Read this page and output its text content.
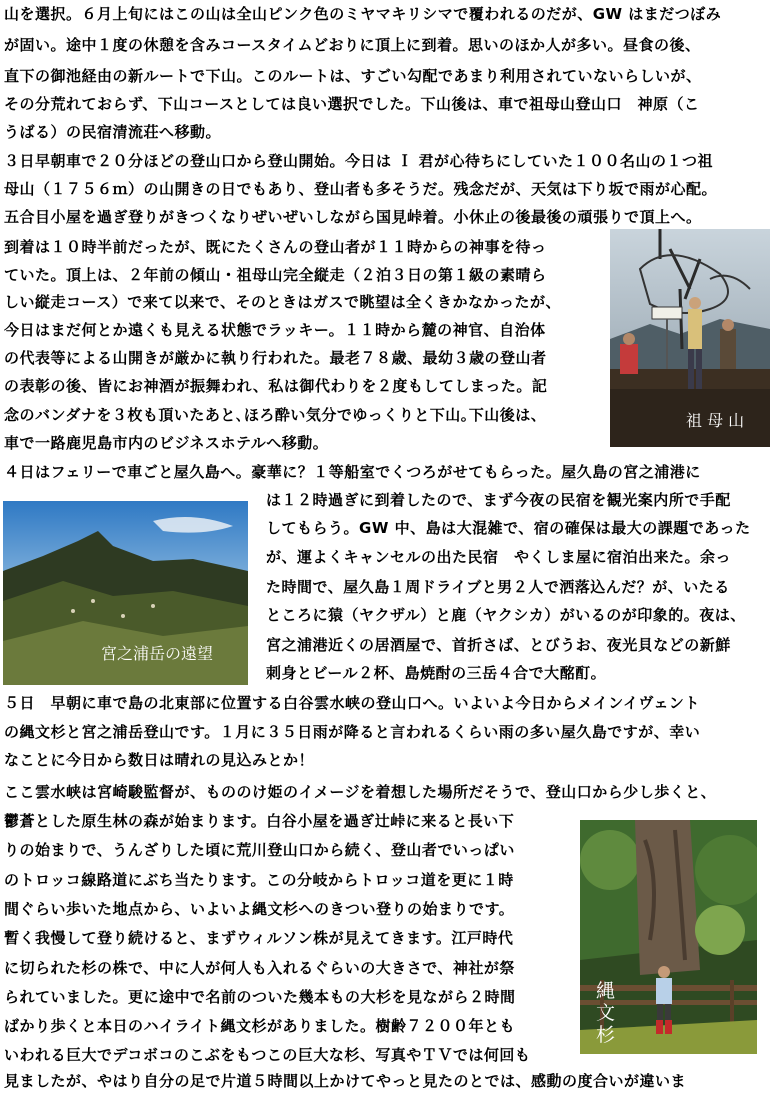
山を選択。６月上旬にはこの山は全山ピンク色のミヤマキリシマで覆われるのだが、GW はまだつぼみ
が固い。途中１度の休憩を含みコースタイムどおりに頂上に到着。思いのほか人が多い。昼食の後、
直下の御池経由の新ルートで下山。このルートは、すごい勾配であまり利用されていないらしいが、
その分荒れておらず、下山コースとしては良い選択でした。下山後は、車で祖母山登山口　神原（こ
うばる）の民宿清流荘へ移動。
３日早朝車で２０分ほどの登山口から登山開始。今日は Ｉ 君が心待ちにしていた１００名山の１つ祖
母山（１７５６ｍ）の山開きの日でもあり、登山者も多そうだ。残念だが、天気は下り坂で雨が心配。
五合目小屋を過ぎ登りがきつくなりぜいぜいしながら国見峠着。小休止の後最後の頑張りで頂上へ。
到着は１０時半前だったが、既にたくさんの登山者が１１時からの神事を待っ
ていた。頂上は、２年前の傾山・祖母山完全縦走（２泊３日の第１級の素晴ら
しい縦走コース）で来て以来で、そのときはガスで眺望は全くきかなかったが、
今日はまだ何とか遠くも見える状態でラッキー。１１時から麓の神官、自治体
の代表等による山開きが厳かに執り行われた。最老７８歳、最幼３歳の登山者
の表彰の後、皆にお神酒が振舞われ、私は御代わりを２度もしてしまった。記
念のバンダナを３枚も頂いたあと､ほろ酔い気分でゆっくりと下山｡下山後は、
車で一路鹿児島市内のビジネスホテルへ移動。
４日はフェリーで車ごと屋久島へ。豪華に？１等船室でくつろがせてもらった。屋久島の宮之浦港に
は１２時過ぎに到着したので、まず今夜の民宿を観光案内所で手配
してもらう。GW 中、島は大混雑で、宿の確保は最大の課題であった
が、運よくキャンセルの出た民宿　やくしま屋に宿泊出来た。余っ
た時間で、屋久島１周ドライブと男２人で洒落込んだ？が、いたる
ところに猿（ヤクザル）と鹿（ヤクシカ）がいるのが印象的。夜は、
宮之浦港近くの居酒屋で、首折さば、とびうお、夜光貝などの新鮮
刺身とビール２杯、島焼酎の三岳４合で大酩酊。
５日　早朝に車で島の北東部に位置する白谷雲水峡の登山口へ。いよいよ今日からメインイヴェント
の縄文杉と宮之浦岳登山です。１月に３５日雨が降ると言われるくらい雨の多い屋久島ですが、幸い
なことに今日から数日は晴れの見込みとか！
ここ雲水峡は宮崎駿監督が、もののけ姫のイメージを着想した場所だそうで、登山口から少し歩くと、
鬱蒼とした原生林の森が始まります。白谷小屋を過ぎ辻峠に来ると長い下
りの始まりで、うんざりした頃に荒川登山口から続く、登山者でいっぱい
のトロッコ線路道にぶち当たります。この分岐からトロッコ道を更に１時
間ぐらい歩いた地点から、いよいよ縄文杉へのきつい登りの始まりです。
暫く我慢して登り続けると、まずウィルソン株が見えてきます。江戸時代
に切られた杉の株で、中に人が何人も入れるぐらいの大きさで、神社が祭
られていました。更に途中で名前のついた幾本もの大杉を見ながら２時間
ばかり歩くと本日のハイライト縄文杉がありました。樹齢７２００年とも
いわれる巨大でデコボコのこぶをもつこの巨大な杉、写真やＴＶでは何回も
見ましたが、やはり自分の足で片道５時間以上かけてやっと見たのとでは、感動の度合いが違いま
祖 母 山
宮之浦岳の遠望
縄文杉
